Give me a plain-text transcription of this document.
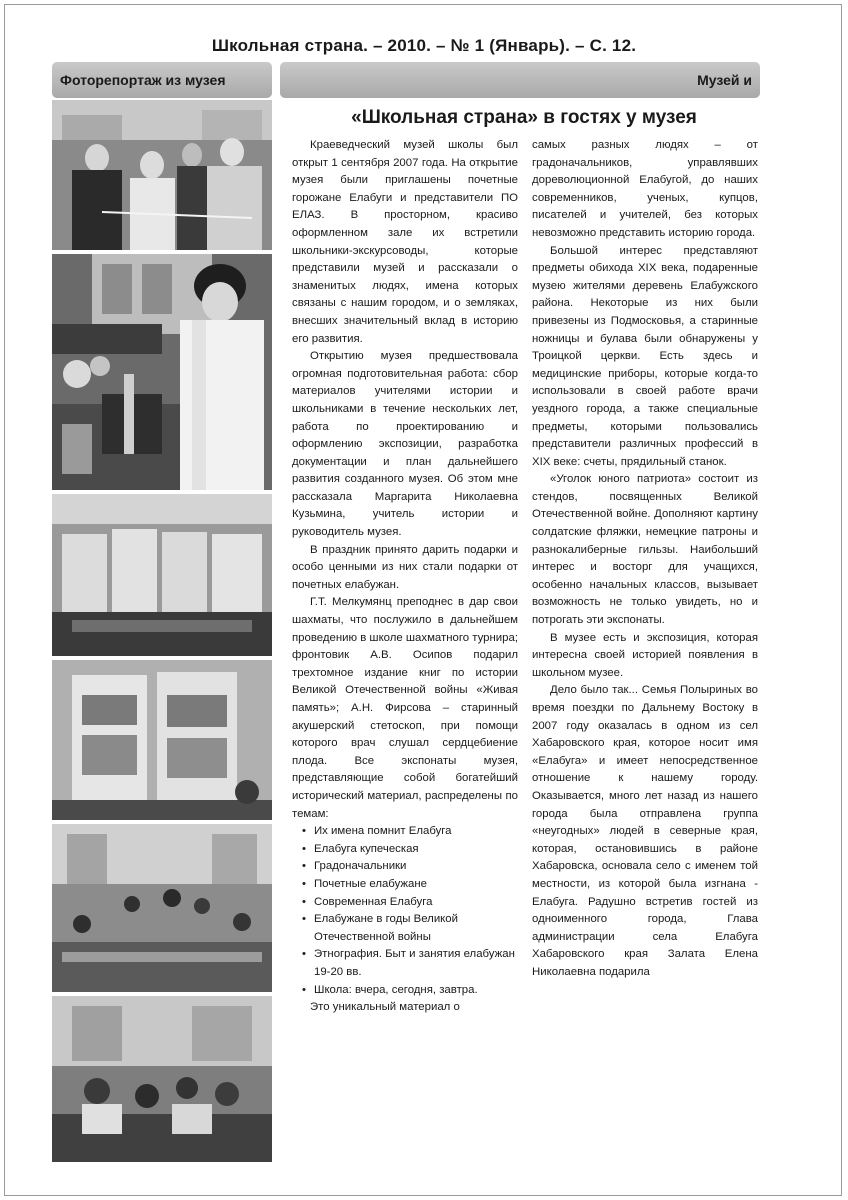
Школьная страна. – 2010. – № 1 (Январь). – С. 12.
Фоторепортаж из музея	Музей и
«Школьная страна» в гостях у музея

Краеведческий музей школы был открыт 1 сентября 2007 года. На открытие музея были приглашены почетные горожане Елабуги и представители ПО ЕЛАЗ. В просторном, красиво оформленном зале их встретили школьники-экскурсоводы, которые представили музей и рассказали о знаменитых людях, имена которых связаны с нашим городом, и о земляках, внесших значительный вклад в историю его развития.

Открытию музея предшествовала огромная подготовительная работа: сбор материалов учителями истории и школьниками в течение нескольких лет, работа по проектированию и оформлению экспозиции, разработка документации и план дальнейшего развития созданного музея. Об этом мне рассказала Маргарита Николаевна Кузьмина, учитель истории и руководитель музея.

В праздник принято дарить подарки и особо ценными из них стали подарки от почетных елабужан.

Г.Т. Мелкумянц преподнес в дар свои шахматы, что послужило в дальнейшем проведению в школе шахматного турнира; фронтовик А.В. Осипов подарил трехтомное издание книг по истории Великой Отечественной войны «Живая память»; А.Н. Фирсова – старинный акушерский стетоскоп, при помощи которого врач слушал сердцебиение плода. Все экспонаты музея, представляющие собой богатейший исторический материал, распределены по темам:

• Их имена помнит Елабуга
• Елабуга купеческая
• Градоначальники
• Почетные елабужане
• Современная Елабуга
• Елабужане в годы Великой Отечественной войны
• Этнография. Быт и занятия елабужан 19-20 вв.
• Школа: вчера, сегодня, завтра.

Это уникальный материал о

самых разных людях – от градоначальников, управлявших дореволюционной Елабугой, до наших современников, ученых, купцов, писателей и учителей, без которых невозможно представить историю города.

Большой интерес представляют предметы обихода XIX века, подаренные музею жителями деревень Елабужского района. Некоторые из них были привезены из Подмосковья, а старинные ножницы и булава были обнаружены у Троицкой церкви. Есть здесь и медицинские приборы, которые когда-то использовали в своей работе врачи уездного города, а также специальные предметы, которыми пользовались представители различных профессий в XIX веке: счеты, прядильный станок.

«Уголок юного патриота» состоит из стендов, посвященных Великой Отечественной войне. Дополняют картину солдатские фляжки, немецкие патроны и разнокалиберные гильзы. Наибольший интерес и восторг для учащихся, особенно начальных классов, вызывает возможность не только увидеть, но и потрогать эти экспонаты.

В музее есть и экспозиция, которая интересна своей историей появления в школьном музее.

Дело было так... Семья Полыриных во время поездки по Дальнему Востоку в 2007 году оказалась в одном из сел Хабаровского края, которое носит имя «Елабуга» и имеет непосредственное отношение к нашему городу. Оказывается, много лет назад из нашего города была отправлена группа «неугодных» людей в северные края, которая, остановившись в районе Хабаровска, основала село с именем той местности, из которой была изгнана - Елабуга. Радушно встретив гостей из одноименного города, Глава администрации села Елабуга Хабаровского края Залата Елена Николаевна подарила
